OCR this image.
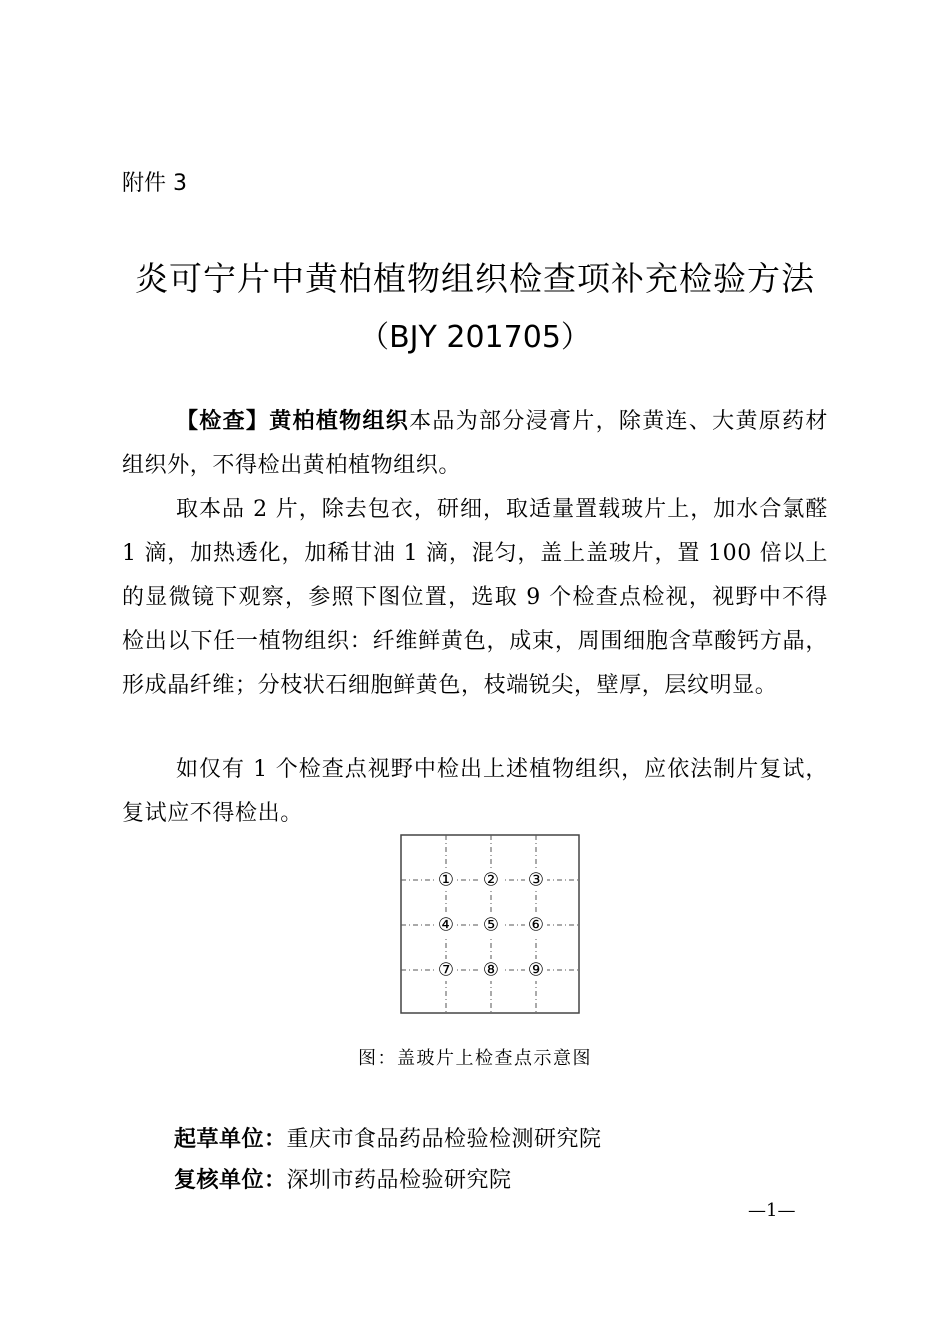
附件 3
炎可宁片中黄柏植物组织检查项补充检验方法
（BJY 201705）
【检查】黄柏植物组织本品为部分浸膏片，除黄连、大黄原药材组织外，不得检出黄柏植物组织。
取本品 2 片，除去包衣，研细，取适量置载玻片上，加水合氯醛 1 滴，加热透化，加稀甘油 1 滴，混匀，盖上盖玻片，置 100 倍以上的显微镜下观察，参照下图位置，选取 9 个检查点检视，视野中不得检出以下任一植物组织：纤维鲜黄色，成束，周围细胞含草酸钙方晶，形成晶纤维；分枝状石细胞鲜黄色，枝端锐尖，壁厚，层纹明显。
如仅有 1 个检查点视野中检出上述植物组织，应依法制片复试，复试应不得检出。
① ② ③
④ ⑤ ⑥
⑦ ⑧ ⑨
图：盖玻片上检查点示意图
起草单位：重庆市食品药品检验检测研究院
复核单位：深圳市药品检验研究院
—1—
